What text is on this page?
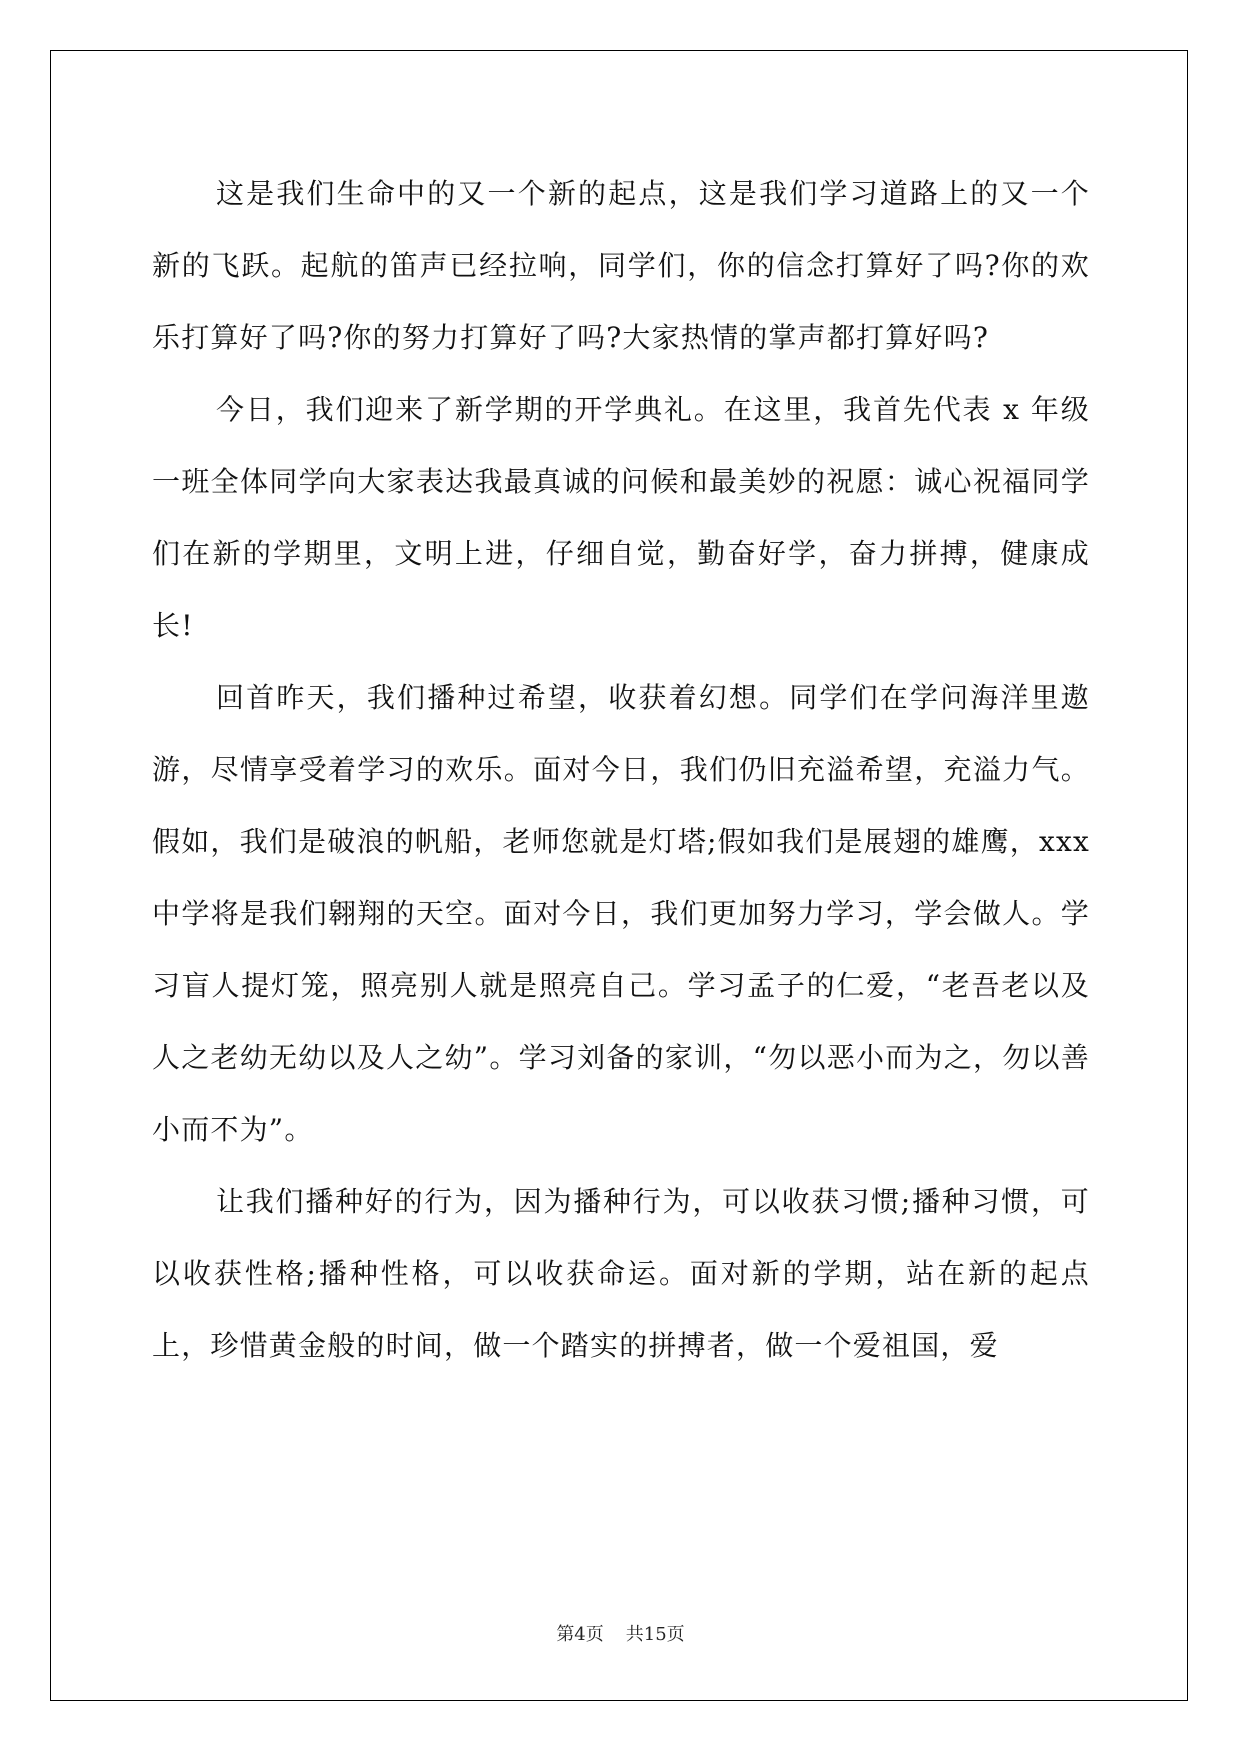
这是我们生命中的又一个新的起点，这是我们学习道路上的又一个新的飞跃。起航的笛声已经拉响，同学们，你的信念打算好了吗?你的欢乐打算好了吗?你的努力打算好了吗?大家热情的掌声都打算好吗?

今日，我们迎来了新学期的开学典礼。在这里，我首先代表 x 年级一班全体同学向大家表达我最真诚的问候和最美妙的祝愿：诚心祝福同学们在新的学期里，文明上进，仔细自觉，勤奋好学，奋力拼搏，健康成长!

回首昨天，我们播种过希望，收获着幻想。同学们在学问海洋里遨游，尽情享受着学习的欢乐。面对今日，我们仍旧充溢希望，充溢力气。假如，我们是破浪的帆船，老师您就是灯塔;假如我们是展翅的雄鹰，xxx 中学将是我们翱翔的天空。面对今日，我们更加努力学习，学会做人。学习盲人提灯笼，照亮别人就是照亮自己。学习孟子的仁爱，“老吾老以及人之老幼无幼以及人之幼”。学习刘备的家训，“勿以恶小而为之，勿以善小而不为”。

让我们播种好的行为，因为播种行为，可以收获习惯;播种习惯，可以收获性格;播种性格，可以收获命运。面对新的学期，站在新的起点上，珍惜黄金般的时间，做一个踏实的拼搏者，做一个爱祖国，爱

第4页 共15页
